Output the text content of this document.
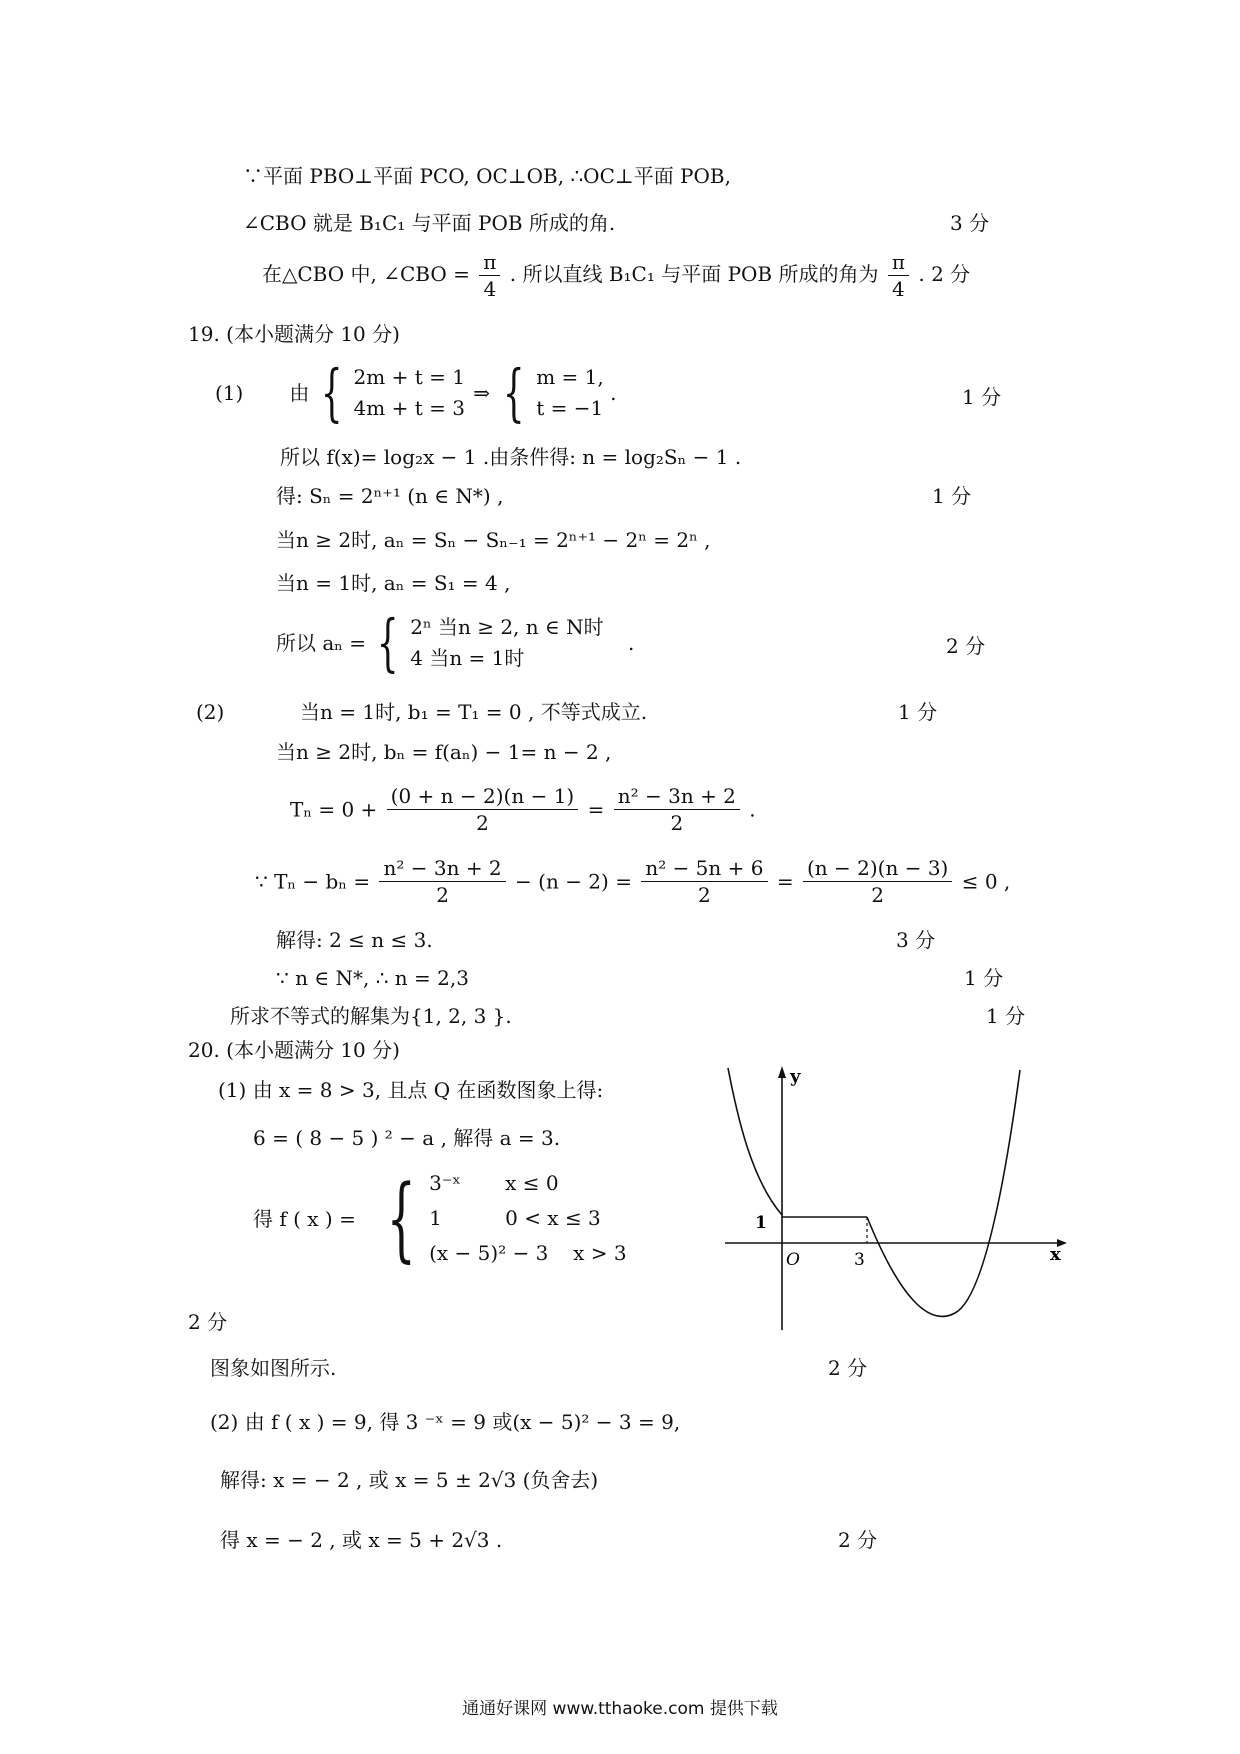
∵平面 PBO⊥平面 PCO, OC⊥OB, ∴OC⊥平面 POB,
∠CBO 就是 B₁C₁ 与平面 POB 所成的角.	3 分
在△CBO 中, ∠CBO = $\frac{\pi}{4}$ . 所以直线 B₁C₁ 与平面 POB 所成的角为 $\frac{\pi}{4}$ . 2 分
19. (本小题满分 10 分)
(1) 由 { 2m + t = 1
4m + t = 3
⇒ { m = 1,
t = −1
.	1 分
所以 f(x)= log₂x − 1 .由条件得: n = log₂Sₙ − 1 .
得: Sₙ = 2ⁿ⁺¹ (n ∈ N*) ,	1 分
当n ≥ 2时, aₙ = Sₙ − Sₙ₋₁ = 2ⁿ⁺¹ − 2ⁿ = 2ⁿ ,
当n = 1时, aₙ = S₁ = 4 ,
所以 aₙ = { 2ⁿ 当n ≥ 2, n ∈ N时
4 当n = 1时
.	2 分
(2)	当n = 1时, b₁ = T₁ = 0 , 不等式成立.	1 分
当n ≥ 2时, bₙ = f(aₙ) − 1= n − 2 ,
$T_n = 0 + \frac{(0 + n - 2)(n - 1)}{2} = \frac{\text{n² − 3n + 2}}{2}$ .
∵ $T_n - b_n = \frac{\text{n² − 3n + 2}}{2} - (n - 2) = \frac{\text{n² − 5n + 6}}{2} = \frac{(n - 2)(n - 3)}{2} \le 0$ ,
解得: 2 ≤ n ≤ 3.	3 分
∵ n ∈ N*, ∴ n = 2,3	1 分
所求不等式的解集为{1, 2, 3 }.	1 分
20. (本小题满分 10 分)
(1) 由 x = 8 > 3, 且点 Q 在函数图象上得:
6 = ( 8 − 5 ) ² − a , 解得 a = 3.
得 f ( x ) = { 3⁻ˣ x ≤ 0
1	0 < x ≤ 3
(x − 5)² − 3 x > 3
2 分
图象如图所示.	2 分
(2) 由 f ( x ) = 9, 得 3 ⁻ˣ = 9 或(x − 5)² − 3 = 9,
解得: x = − 2 , 或 x = 5 ± 2√3 (负舍去)
得 x = − 2 , 或 x = 5 + 2√3 .	2 分
y
x
O	3
1
通通好课网 www.tthaoke.com 提供下载
